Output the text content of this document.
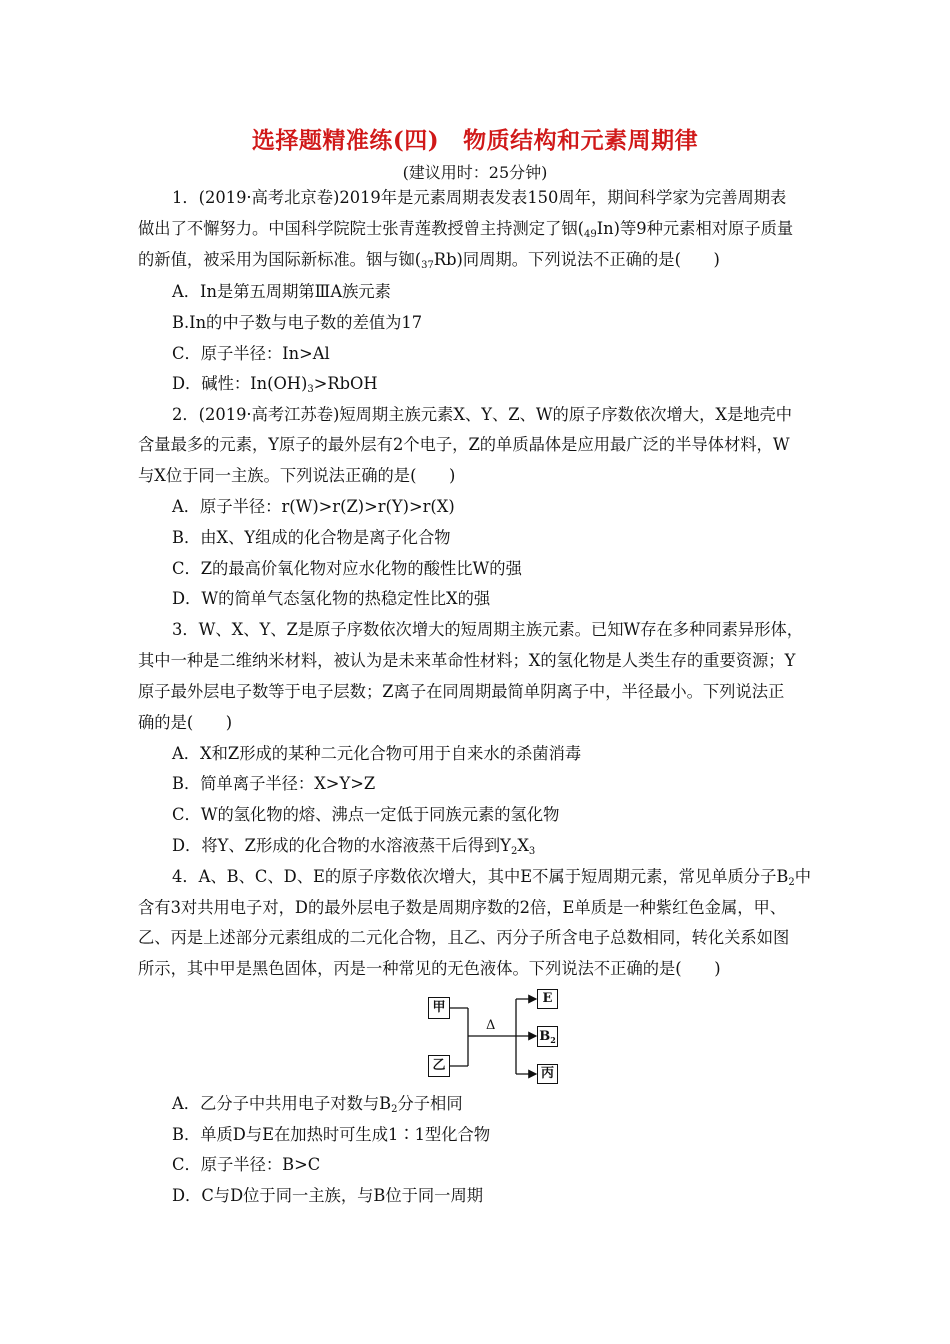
选择题精准练(四) 物质结构和元素周期律
(建议用时：25分钟)
1．(2019·高考北京卷)2019年是元素周期表发表150周年，期间科学家为完善周期表
做出了不懈努力。中国科学院院士张青莲教授曾主持测定了铟(49In)等9种元素相对原子质量
的新值，被采用为国际新标准。铟与铷(37Rb)同周期。下列说法不正确的是(　　)
A．In是第五周期第ⅢA族元素
B.In的中子数与电子数的差值为17
C．原子半径：In>Al
D．碱性：$In(OH)_3>RbOH$
2．(2019·高考江苏卷)短周期主族元素X、Y、Z、W的原子序数依次增大，X是地壳中
含量最多的元素，Y原子的最外层有2个电子，Z的单质晶体是应用最广泛的半导体材料，W
与X位于同一主族。下列说法正确的是(　　)
A．原子半径：r(W)>r(Z)>r(Y)>r(X)
B．由X、Y组成的化合物是离子化合物
C．Z的最高价氧化物对应水化物的酸性比W的强
D．W的简单气态氢化物的热稳定性比X的强
3．W、X、Y、Z是原子序数依次增大的短周期主族元素。已知W存在多种同素异形体，
其中一种是二维纳米材料，被认为是未来革命性材料；X的氢化物是人类生存的重要资源；Y
原子最外层电子数等于电子层数；Z离子在同周期最简单阴离子中，半径最小。下列说法正
确的是(　　)
A．X和Z形成的某种二元化合物可用于自来水的杀菌消毒
B．简单离子半径：X>Y>Z
C．W的氢化物的熔、沸点一定低于同族元素的氢化物
D．将Y、Z形成的化合物的水溶液蒸干后得到$Y_2X_3$
4．A、B、C、D、E的原子序数依次增大，其中E不属于短周期元素，常见单质分子$B_2$中
含有3对共用电子对，D的最外层电子数是周期序数的2倍，E单质是一种紫红色金属，甲、
乙、丙是上述部分元素组成的二元化合物，且乙、丙分子所含电子总数相同，转化关系如图
所示，其中甲是黑色固体，丙是一种常见的无色液体。下列说法不正确的是(　　)
甲
乙
Δ
E
$B_2$
丙
A．乙分子中共用电子对数与$B_2$分子相同
B．单质D与E在加热时可生成1∶1型化合物
C．原子半径：B>C
D．C与D位于同一主族，与B位于同一周期
